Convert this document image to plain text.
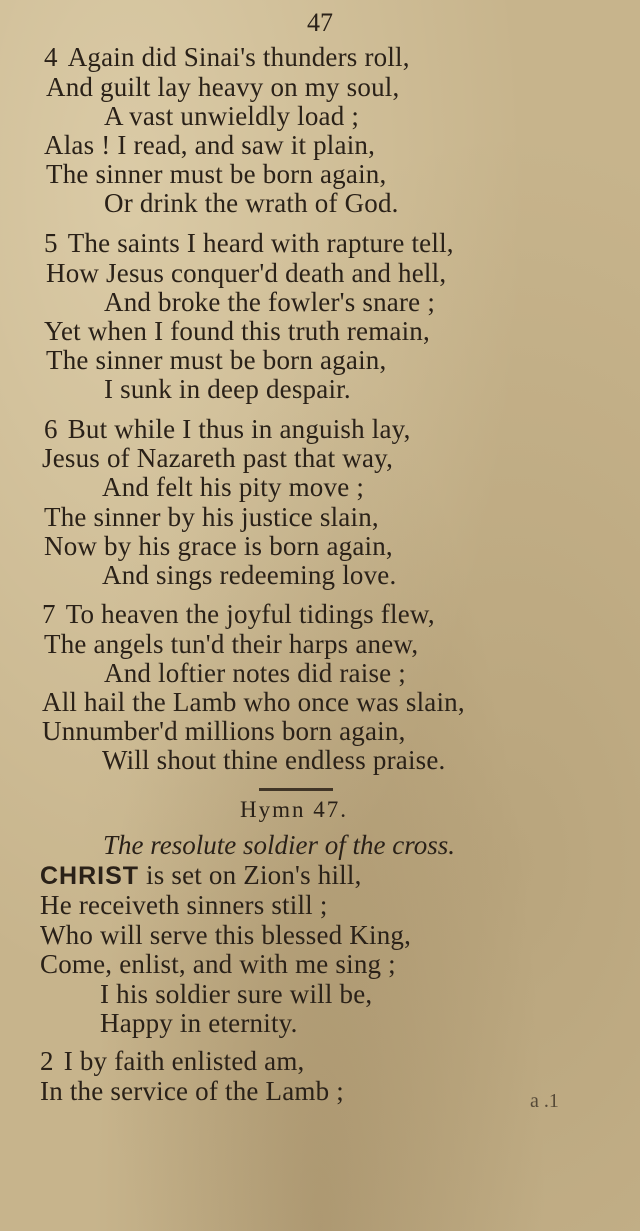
47
4 Again did Sinai's thunders roll,
And guilt lay heavy on my soul,
A vast unwieldly load ;
Alas ! I read, and saw it plain,
The sinner must be born again,
Or drink the wrath of God.
5 The saints I heard with rapture tell,
How Jesus conquer'd death and hell,
And broke the fowler's snare ;
Yet when I found this truth remain,
The sinner must be born again,
I sunk in deep despair.
6 But while I thus in anguish lay,
Jesus of Nazareth past that way,
And felt his pity move ;
The sinner by his justice slain,
Now by his grace is born again,
And sings redeeming love.
7 To heaven the joyful tidings flew,
The angels tun'd their harps anew,
And loftier notes did raise ;
All hail the Lamb who once was slain,
Unnumber'd millions born again,
Will shout thine endless praise.
Hymn 47.
The resolute soldier of the cross.
CHRIST is set on Zion's hill,
He receiveth sinners still ;
Who will serve this blessed King,
Come, enlist, and with me sing ;
I his soldier sure will be,
Happy in eternity.
2 I by faith enlisted am,
In the service of the Lamb ;	a .1
